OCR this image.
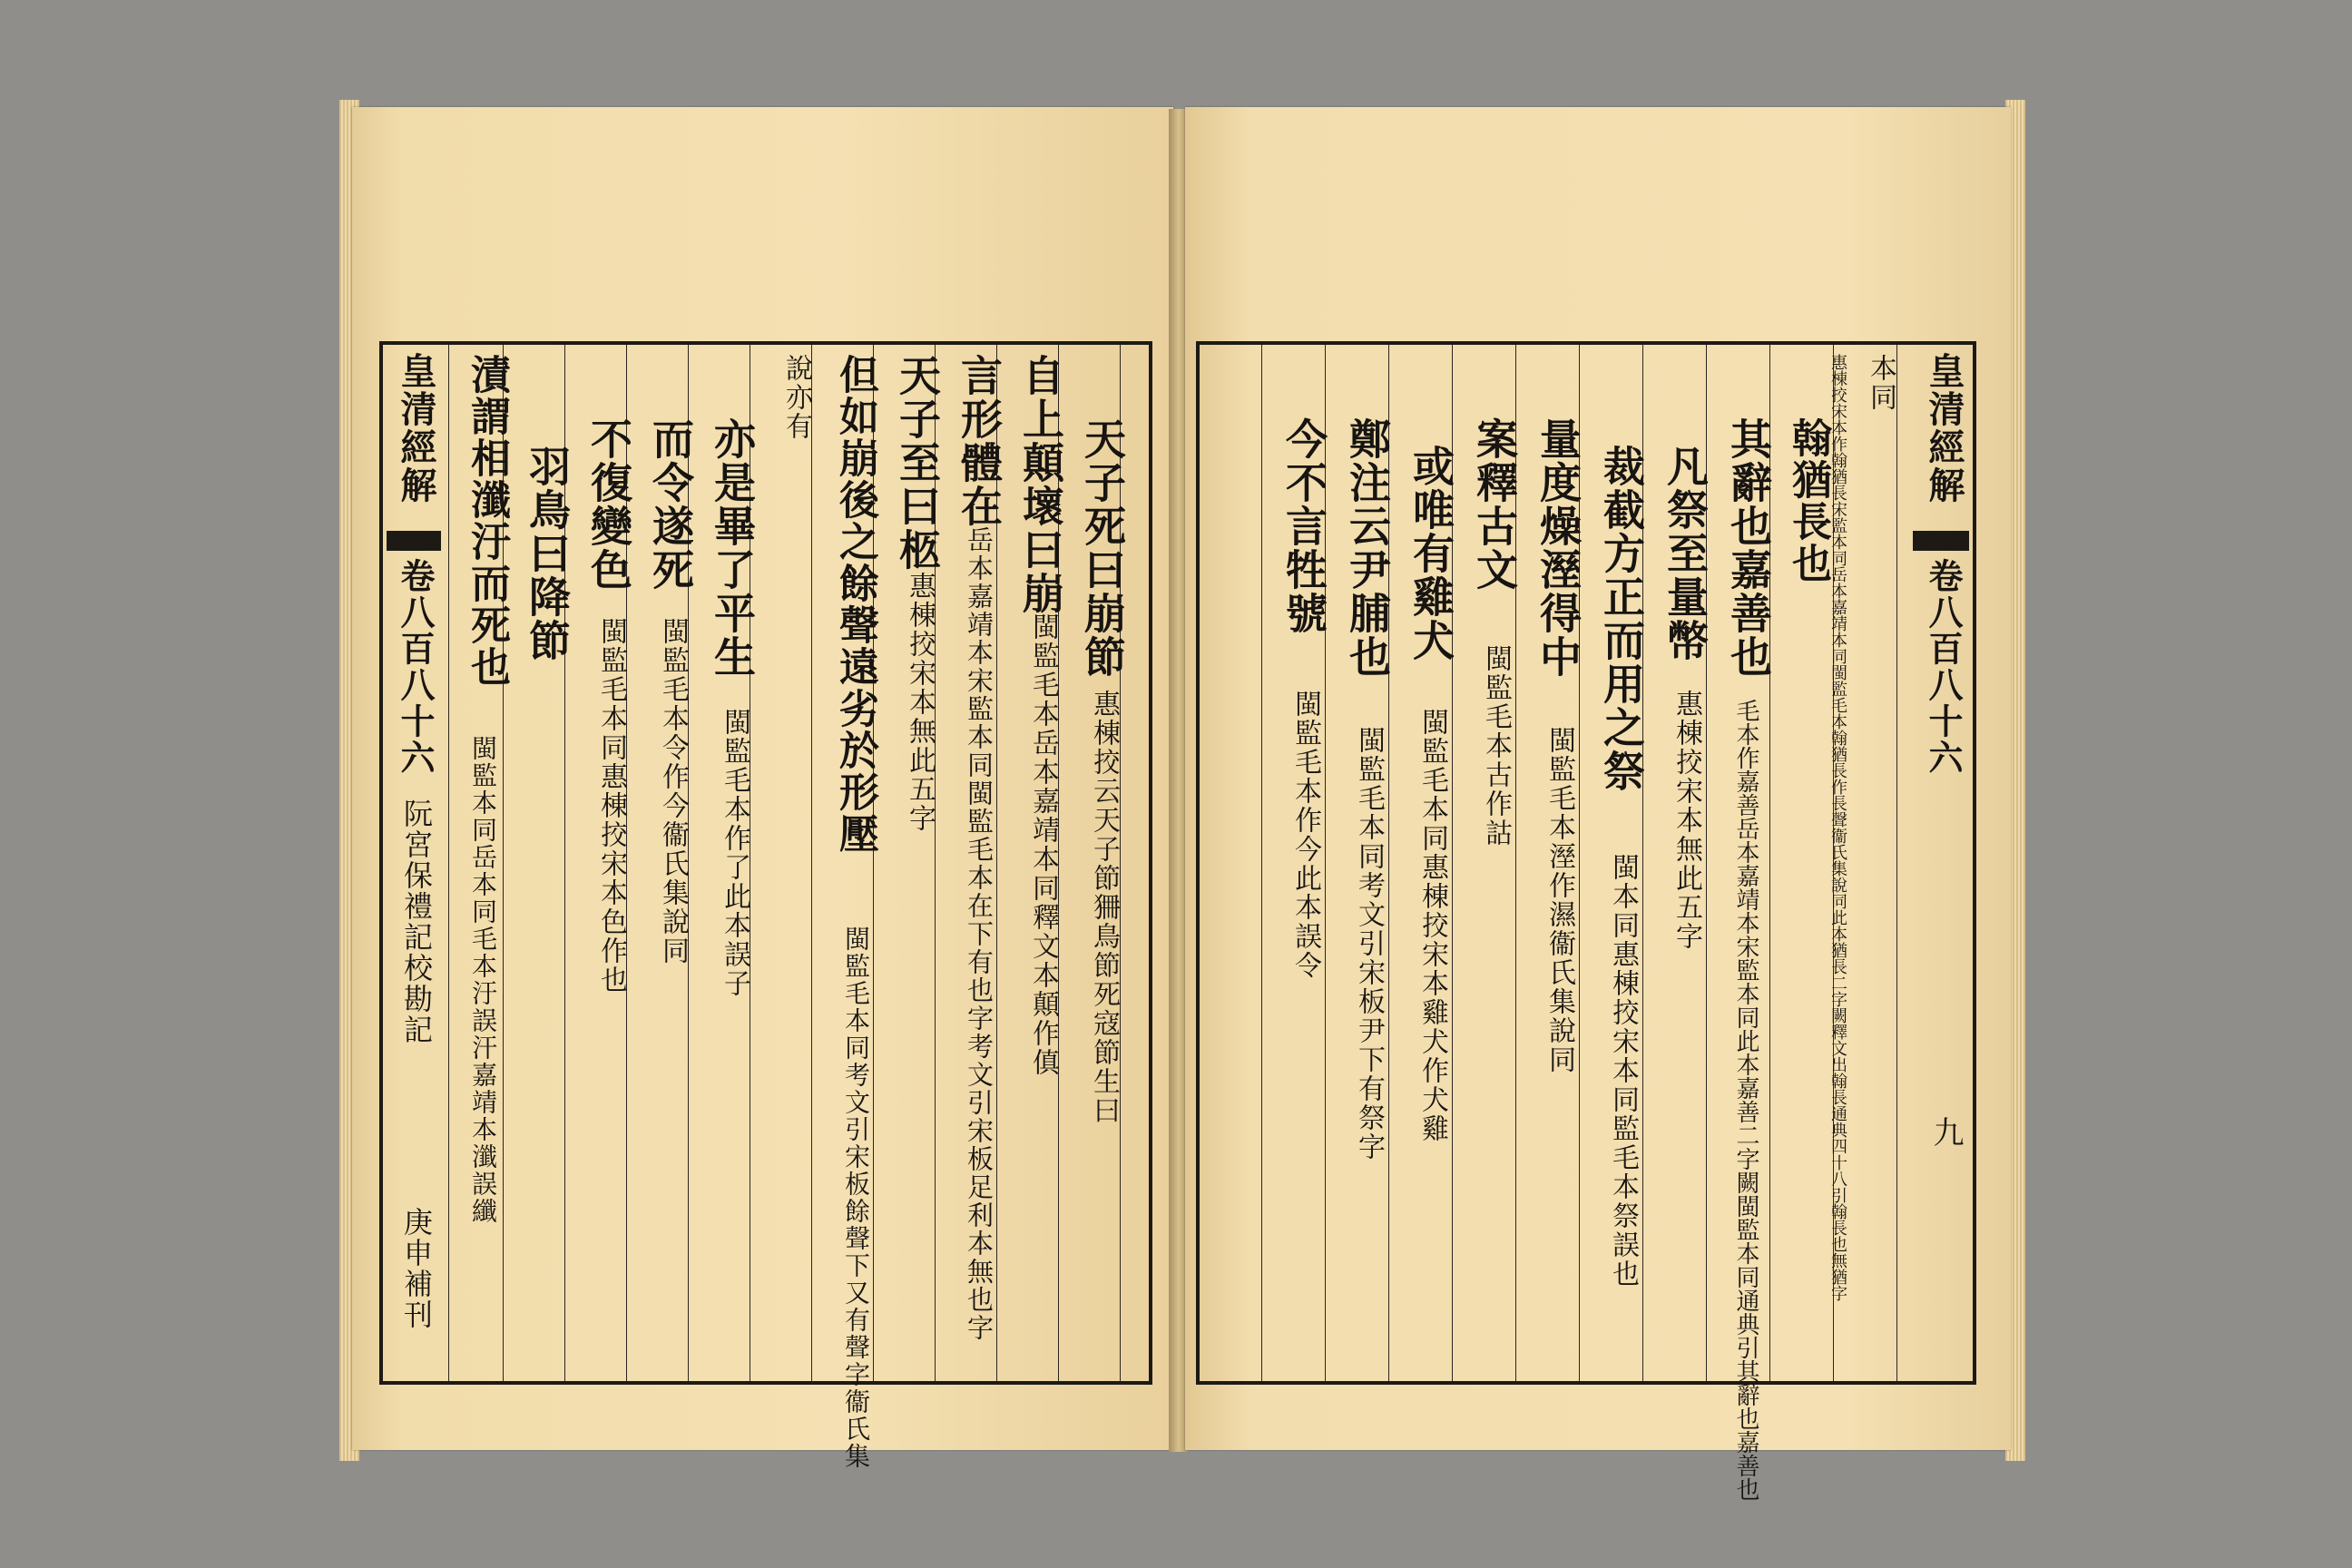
皇清經解
卷八百八十六
阮宮保禮記校勘記
庚申補刊
天子死曰崩節
惠棟挍云天子節狦鳥節死寇節生曰
自上顛壞曰崩
閩監毛本岳本嘉靖本同釋文本顛作傎
言形體在
岳本嘉靖本宋監本同閩監毛本在下有也字考文引宋板足利本無也字
天子至曰柩
惠棟挍宋本無此五字
但如崩後之餘聲遠劣於形壓
閩監毛本同考文引宋板餘聲下又有聲字衞氏集
說亦有
亦是畢了平生
閩監毛本作了此本誤子
而令遂死
閩監毛本令作今衞氏集說同
不復變色
閩監毛本同惠棟挍宋本色作也
羽鳥曰降節
漬謂相瀸汙而死也
閩監本同岳本同毛本汙誤汗嘉靖本瀸誤纖
皇清經解
卷八百八十六
九
本同
翰猶長也
惠棟挍宋本作翰猶長宋監本同岳本嘉靖本同閩監毛本翰猶長作長聲衞氏集說同此本猶長二字闕釋文出翰長通典四十八引翰長也無猶字
其辭也嘉善也
毛本作嘉善岳本嘉靖本宋監本同此本嘉善二字闕閩監本同通典引其辭也嘉善也
凡祭至量幣
惠棟挍宋本無此五字
裁截方正而用之祭
閩本同惠棟挍宋本同監毛本祭誤也
量度燥溼得中
閩監毛本溼作濕衞氏集說同
案釋古文
閩監毛本古作詁
或唯有雞犬
閩監毛本同惠棟挍宋本雞犬作犬雞
鄭注云尹脯也
閩監毛本同考文引宋板尹下有祭字
今不言牲號
閩監毛本作今此本誤令
